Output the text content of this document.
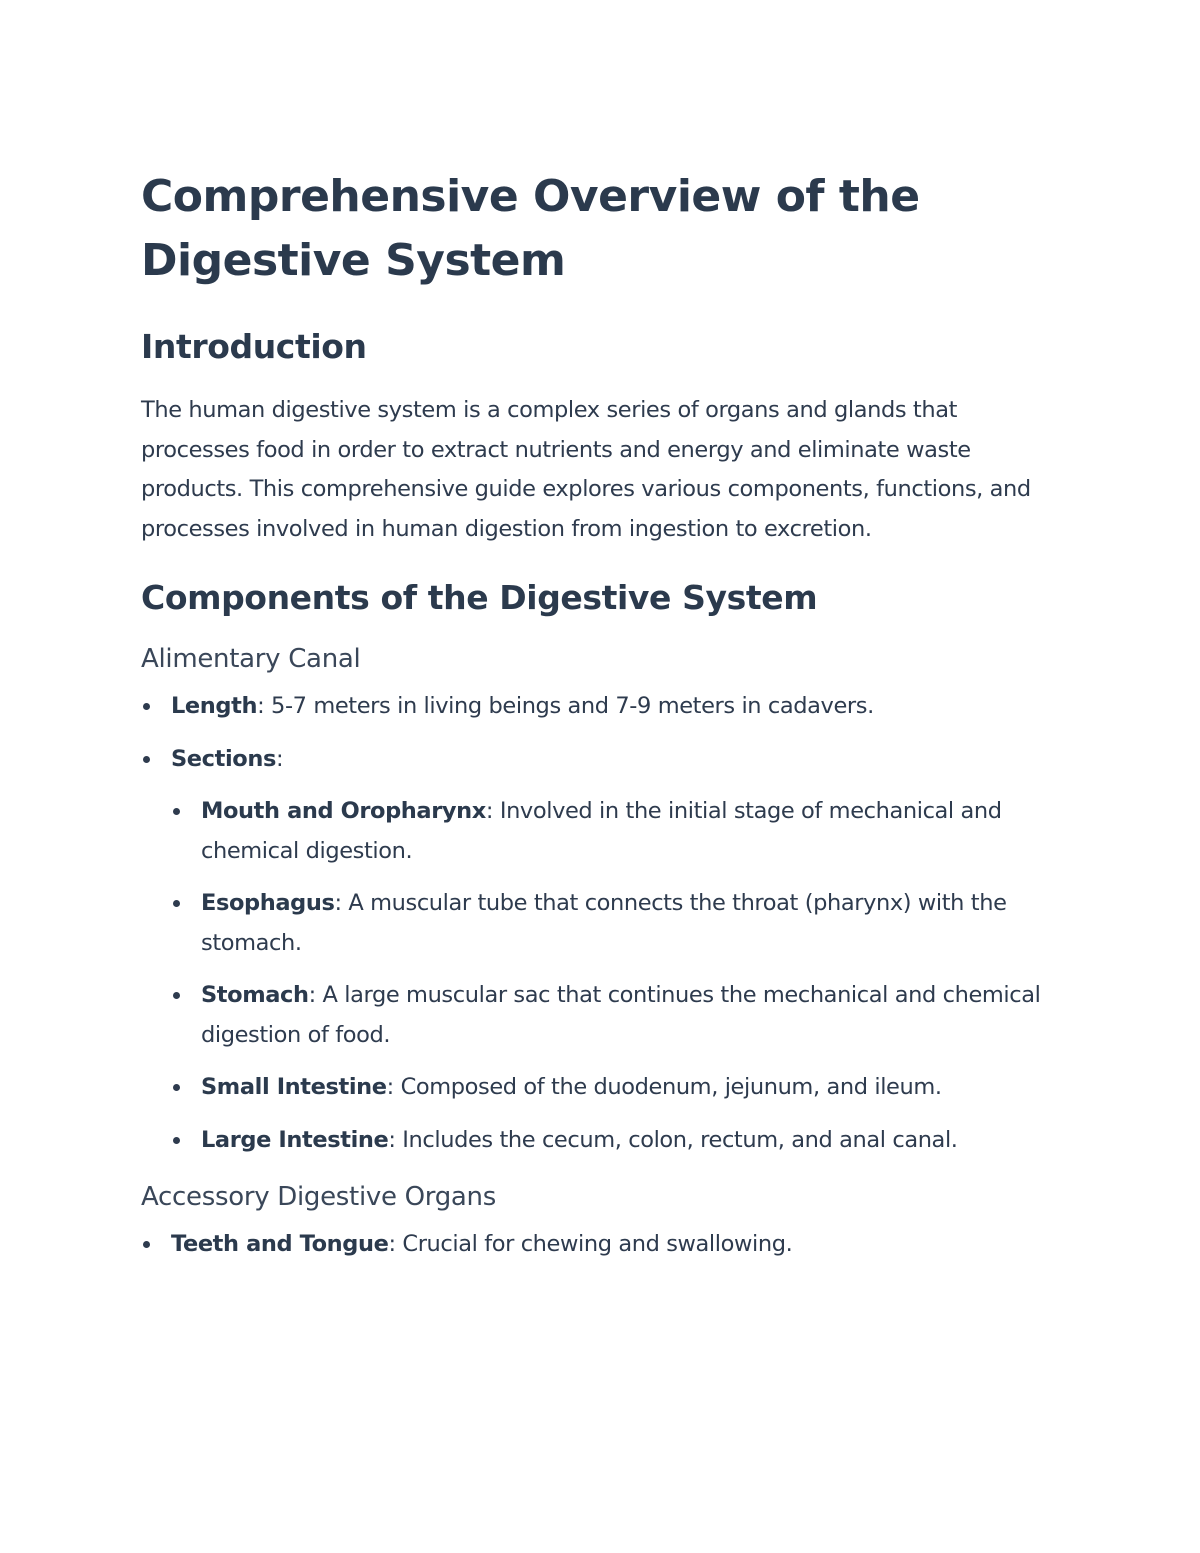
Comprehensive Overview of the Digestive System
Introduction

The human digestive system is a complex series of organs and glands that processes food in order to extract nutrients and energy and eliminate waste products. This comprehensive guide explores various components, functions, and processes involved in human digestion from ingestion to excretion.

Components of the Digestive System
Alimentary Canal
Length: 5-7 meters in living beings and 7-9 meters in cadavers.
Sections:
Mouth and Oropharynx: Involved in the initial stage of mechanical and chemical digestion.
Esophagus: A muscular tube that connects the throat (pharynx) with the stomach.
Stomach: A large muscular sac that continues the mechanical and chemical digestion of food.
Small Intestine: Composed of the duodenum, jejunum, and ileum.
Large Intestine: Includes the cecum, colon, rectum, and anal canal.
Accessory Digestive Organs
Teeth and Tongue: Crucial for chewing and swallowing.
